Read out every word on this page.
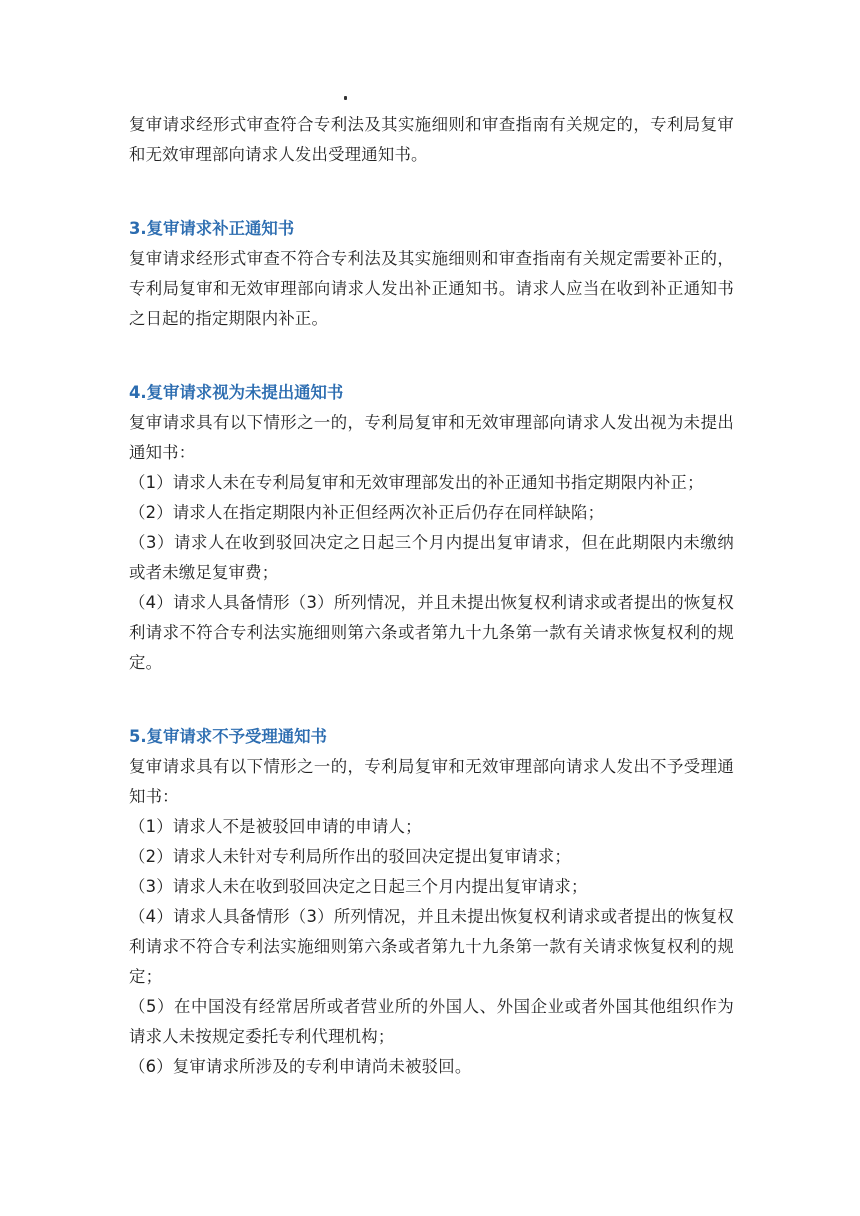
复审请求经形式审查符合专利法及其实施细则和审查指南有关规定的，专利局复审和无效审理部向请求人发出受理通知书。

3.复审请求补正通知书

复审请求经形式审查不符合专利法及其实施细则和审查指南有关规定需要补正的，专利局复审和无效审理部向请求人发出补正通知书。请求人应当在收到补正通知书之日起的指定期限内补正。

4.复审请求视为未提出通知书

复审请求具有以下情形之一的，专利局复审和无效审理部向请求人发出视为未提出通知书：

（1）请求人未在专利局复审和无效审理部发出的补正通知书指定期限内补正；

（2）请求人在指定期限内补正但经两次补正后仍存在同样缺陷；

（3）请求人在收到驳回决定之日起三个月内提出复审请求，但在此期限内未缴纳或者未缴足复审费；

（4）请求人具备情形（3）所列情况，并且未提出恢复权利请求或者提出的恢复权利请求不符合专利法实施细则第六条或者第九十九条第一款有关请求恢复权利的规定。

5.复审请求不予受理通知书

复审请求具有以下情形之一的，专利局复审和无效审理部向请求人发出不予受理通知书：

（1）请求人不是被驳回申请的申请人；

（2）请求人未针对专利局所作出的驳回决定提出复审请求；

（3）请求人未在收到驳回决定之日起三个月内提出复审请求；

（4）请求人具备情形（3）所列情况，并且未提出恢复权利请求或者提出的恢复权利请求不符合专利法实施细则第六条或者第九十九条第一款有关请求恢复权利的规定；

（5）在中国没有经常居所或者营业所的外国人、外国企业或者外国其他组织作为请求人未按规定委托专利代理机构；

（6）复审请求所涉及的专利申请尚未被驳回。
